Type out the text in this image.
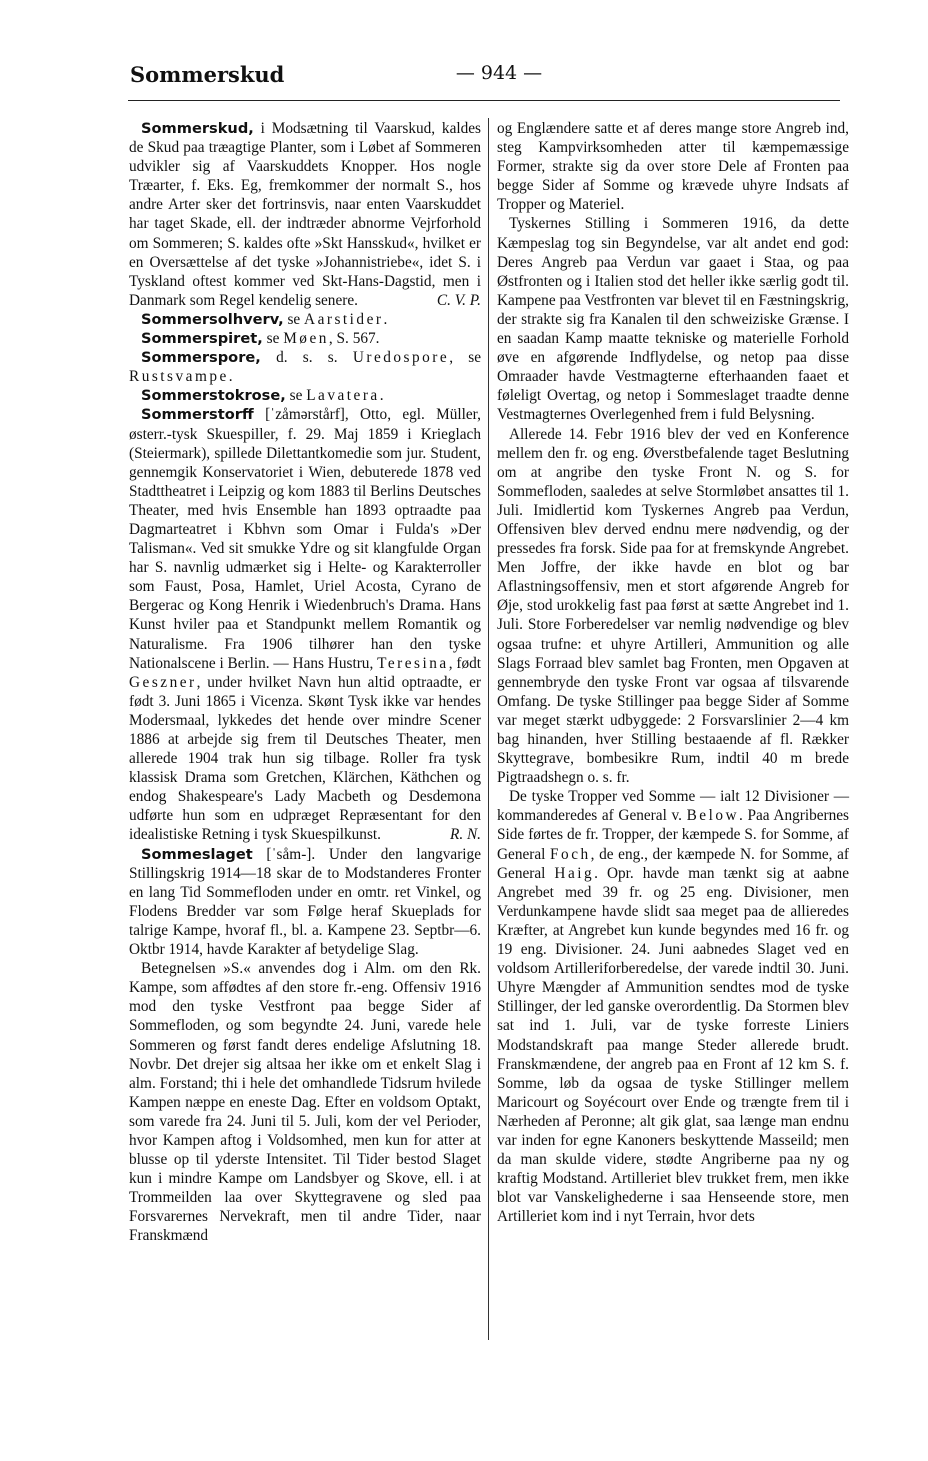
Sommerskud	— 944 —

Sommerskud, i Modsætning til Vaarskud, kaldes de Skud paa træagtige Planter, som i Løbet af Sommeren udvikler sig af Vaarskuddets Knopper. Hos nogle Træarter, f. Eks. Eg, fremkommer der normalt S., hos andre Arter sker det fortrinsvis, naar enten Vaarskuddet har taget Skade, ell. der indtræder abnorme Vejrforhold om Sommeren; S. kaldes ofte »Skt Hansskud«, hvilket er en Oversættelse af det tyske »Johannistriebe«, idet S. i Tyskland oftest kommer ved Skt-Hans-Dagstid, men i Danmark som Regel kendelig senere.	C. V. P.

Sommersolhverv, se Aarstider.

Sommerspiret, se Møen, S. 567.

Sommerspore, d. s. s. Uredospore, se Rustsvampe.

Sommerstokrose, se Lavatera.

Sommerstorff [ˈzåmərstårf], Otto, egl. Müller, østerr.-tysk Skuespiller, f. 29. Maj 1859 i Krieglach (Steiermark), spillede Dilettantkomedie som jur. Student, gennemgik Konservatoriet i Wien, debuterede 1878 ved Stadttheatret i Leipzig og kom 1883 til Berlins Deutsches Theater, med hvis Ensemble han 1893 optraadte paa Dagmarteatret i Kbhvn som Omar i Fulda's »Der Talisman«. Ved sit smukke Ydre og sit klangfulde Organ har S. navnlig udmærket sig i Helte- og Karakterroller som Faust, Posa, Hamlet, Uriel Acosta, Cyrano de Bergerac og Kong Henrik i Wiedenbruch's Drama. Hans Kunst hviler paa et Standpunkt mellem Romantik og Naturalisme. Fra 1906 tilhører han den tyske Nationalscene i Berlin. — Hans Hustru, Teresina, født Geszner, under hvilket Navn hun altid optraadte, er født 3. Juni 1865 i Vicenza. Skønt Tysk ikke var hendes Modersmaal, lykkedes det hende over mindre Scener 1886 at arbejde sig frem til Deutsches Theater, men allerede 1904 trak hun sig tilbage. Roller fra tysk klassisk Drama som Gretchen, Klärchen, Käthchen og endog Shakespeare's Lady Macbeth og Desdemona udførte hun som en udpræget Repræsentant for den idealistiske Retning i tysk Skuespilkunst.	R. N.

Sommeslaget [ˈsåm-]. Under den langvarige Stillingskrig 1914—18 skar de to Modstanderes Fronter en lang Tid Sommefloden under en omtr. ret Vinkel, og Flodens Bredder var som Følge heraf Skueplads for talrige Kampe, hvoraf fl., bl. a. Kampene 23. Septbr—6. Oktbr 1914, havde Karakter af betydelige Slag.

Betegnelsen »S.« anvendes dog i Alm. om den Rk. Kampe, som affødtes af den store fr.-eng. Offensiv 1916 mod den tyske Vestfront paa begge Sider af Sommefloden, og som begyndte 24. Juni, varede hele Sommeren og først fandt deres endelige Afslutning 18. Novbr. Det drejer sig altsaa her ikke om et enkelt Slag i alm. Forstand; thi i hele det omhandlede Tidsrum hvilede Kampen næppe en eneste Dag. Efter en voldsom Optakt, som varede fra 24. Juni til 5. Juli, kom der vel Perioder, hvor Kampen aftog i Voldsomhed, men kun for atter at blusse op til yderste Intensitet. Til Tider bestod Slaget kun i mindre Kampe om Landsbyer og Skove, ell. i at Trommeilden laa over Skyttegravene og sled paa Forsvarernes Nervekraft, men til andre Tider, naar Franskmænd

og Englændere satte et af deres mange store Angreb ind, steg Kampvirksomheden atter til kæmpemæssige Former, strakte sig da over store Dele af Fronten paa begge Sider af Somme og krævede uhyre Indsats af Tropper og Materiel.

Tyskernes Stilling i Sommeren 1916, da dette Kæmpeslag tog sin Begyndelse, var alt andet end god: Deres Angreb paa Verdun var gaaet i Staa, og paa Østfronten og i Italien stod det heller ikke særlig godt til. Kampene paa Vestfronten var blevet til en Fæstningskrig, der strakte sig fra Kanalen til den schweiziske Grænse. I en saadan Kamp maatte tekniske og materielle Forhold øve en afgørende Indflydelse, og netop paa disse Omraader havde Vestmagterne efterhaanden faaet et føleligt Overtag, og netop i Sommeslaget traadte denne Vestmagternes Overlegenhed frem i fuld Belysning.

Allerede 14. Febr 1916 blev der ved en Konference mellem den fr. og eng. Øverstbefalende taget Beslutning om at angribe den tyske Front N. og S. for Sommefloden, saaledes at selve Stormløbet ansattes til 1. Juli. Imidlertid kom Tyskernes Angreb paa Verdun, Offensiven blev derved endnu mere nødvendig, og der pressedes fra forsk. Side paa for at fremskynde Angrebet. Men Joffre, der ikke havde en blot og bar Aflastningsoffensiv, men et stort afgørende Angreb for Øje, stod urokkelig fast paa først at sætte Angrebet ind 1. Juli. Store Forberedelser var nemlig nødvendige og blev ogsaa trufne: et uhyre Artilleri, Ammunition og alle Slags Forraad blev samlet bag Fronten, men Opgaven at gennembryde den tyske Front var ogsaa af tilsvarende Omfang. De tyske Stillinger paa begge Sider af Somme var meget stærkt udbyggede: 2 Forsvarslinier 2—4 km bag hinanden, hver Stilling bestaaende af fl. Rækker Skyttegrave, bombesikre Rum, indtil 40 m brede Pigtraadshegn o. s. fr.

De tyske Tropper ved Somme — ialt 12 Divisioner — kommanderedes af General v. Below. Paa Angribernes Side førtes de fr. Tropper, der kæmpede S. for Somme, af General Foch, de eng., der kæmpede N. for Somme, af General Haig. Opr. havde man tænkt sig at aabne Angrebet med 39 fr. og 25 eng. Divisioner, men Verdunkampene havde slidt saa meget paa de allieredes Kræfter, at Angrebet kun kunde begyndes med 16 fr. og 19 eng. Divisioner. 24. Juni aabnedes Slaget ved en voldsom Artilleriforberedelse, der varede indtil 30. Juni. Uhyre Mængder af Ammunition sendtes mod de tyske Stillinger, der led ganske overordentlig. Da Stormen blev sat ind 1. Juli, var de tyske forreste Liniers Modstandskraft paa mange Steder allerede brudt. Franskmændene, der angreb paa en Front af 12 km S. f. Somme, løb da ogsaa de tyske Stillinger mellem Maricourt og Soyécourt over Ende og trængte frem til i Nærheden af Peronne; alt gik glat, saa længe man endnu var inden for egne Kanoners beskyttende Masseild; men da man skulde videre, stødte Angriberne paa ny og kraftig Modstand. Artilleriet blev trukket frem, men ikke blot var Vanskelighederne i saa Henseende store, men Artilleriet kom ind i nyt Terrain, hvor dets
